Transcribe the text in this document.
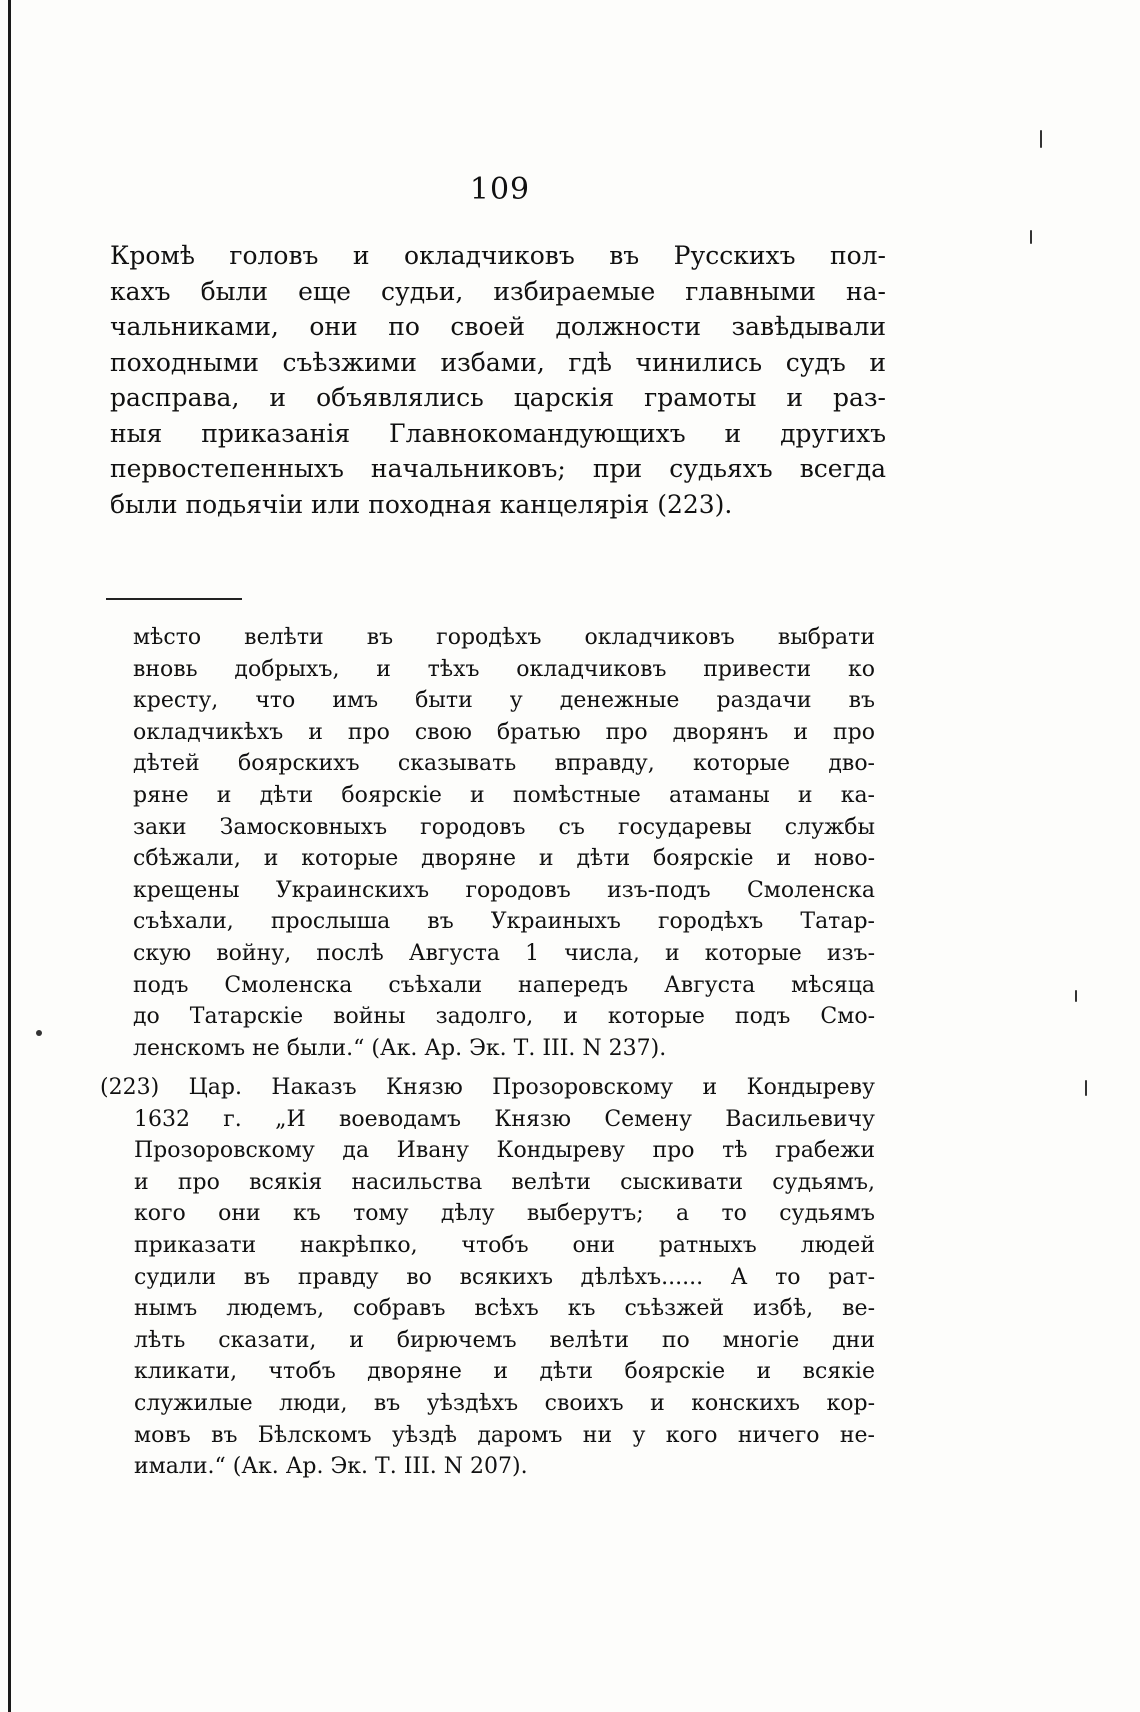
109
Кромѣ головъ и окладчиковъ въ Русскихъ пол-
кахъ были еще судьи, избираемые главными на-
чальниками, они по своей должности завѣдывали
походными съѣзжими избами, гдѣ чинились судъ и
расправа, и объявлялись царскія грамоты и раз-
ныя приказанія Главнокомандующихъ и другихъ
первостепенныхъ начальниковъ; при судьяхъ всегда
были подьячіи или походная канцелярія (223).
мѣсто велѣти въ городѣхъ окладчиковъ выбрати
вновь добрыхъ, и тѣхъ окладчиковъ привести ко
кресту, что имъ быти у денежные раздачи въ
окладчикѣхъ и про свою братью про дворянъ и про
дѣтей боярскихъ сказывать вправду, которые дво-
ряне и дѣти боярскіе и помѣстные атаманы и ка-
заки Замосковныхъ городовъ съ государевы службы
сбѣжали, и которые дворяне и дѣти боярскіе и ново-
крещены Украинскихъ городовъ изъ-подъ Смоленска
съѣхали, прослыша въ Украиныхъ городѣхъ Татар-
скую войну, послѣ Августа 1 числа, и которые изъ-
подъ Смоленска съѣхали напередъ Августа мѣсяца
до Татарскіе войны задолго, и которые подъ Смо-
ленскомъ не были.“ (Ак. Ар. Эк. Т. III. N 237).
(223) Цар. Наказъ Князю Прозоровскому и Кондыреву
1632 г. „И воеводамъ Князю Семену Васильевичу
Прозоровскому да Ивану Кондыреву про тѣ грабежи
и про всякія насильства велѣти сыскивати судьямъ,
кого они къ тому дѣлу выберутъ; а то судьямъ
приказати накрѣпко, чтобъ они ратныхъ людей
судили въ правду во всякихъ дѣлѣхъ...... А то рат-
нымъ людемъ, собравъ всѣхъ къ съѣзжей избѣ, ве-
лѣть сказати, и бирючемъ велѣти по многіе дни
кликати, чтобъ дворяне и дѣти боярскіе и всякіе
служилые люди, въ уѣздѣхъ своихъ и конскихъ кор-
мовъ въ Бѣлскомъ уѣздѣ даромъ ни у кого ничего не-
имали.“ (Ак. Ар. Эк. Т. III. N 207).
